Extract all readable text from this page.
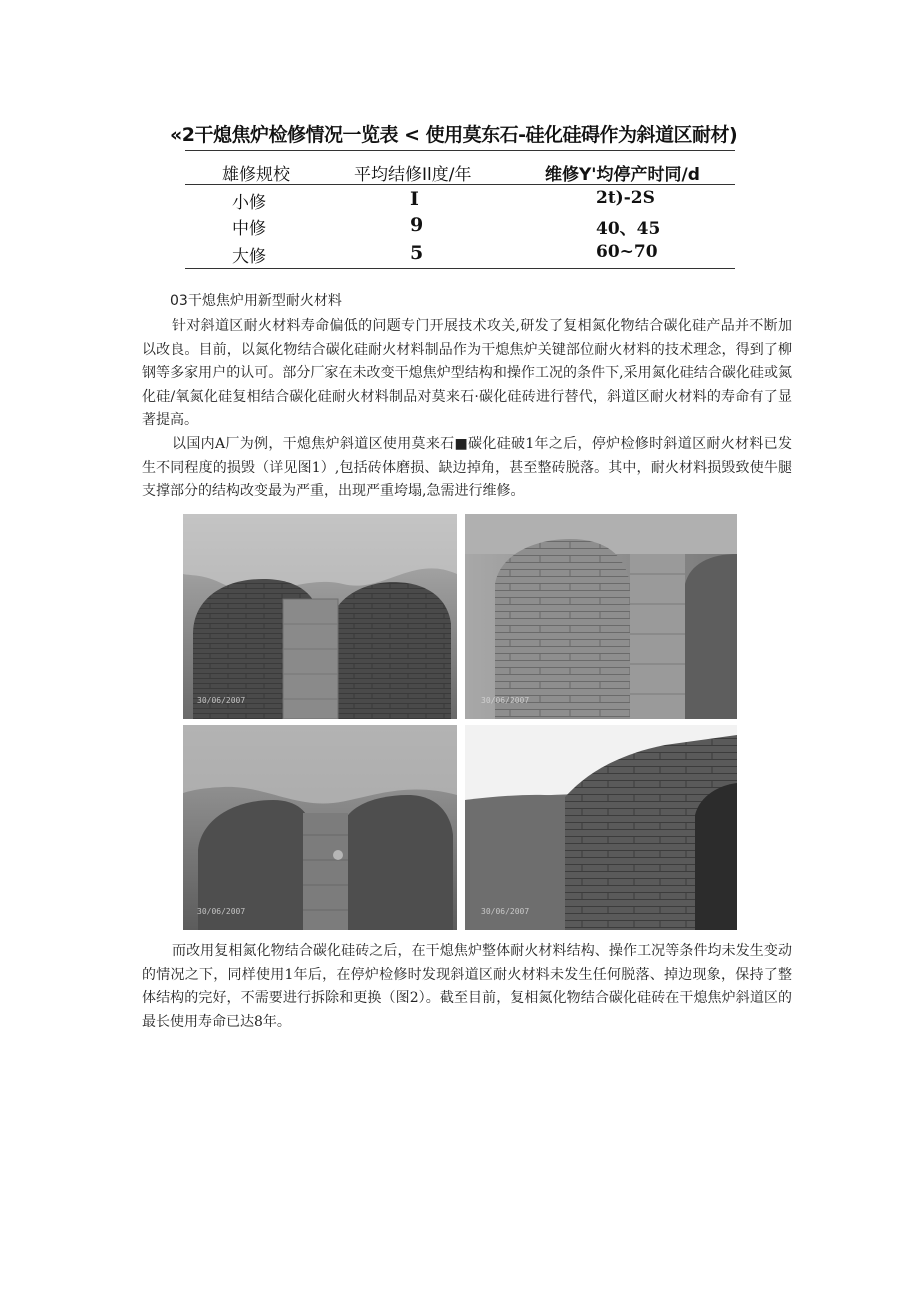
«2干熄焦炉检修情况一览表 < 使用莫东石-硅化硅碍作为斜道区耐材)
雄修规校	平均结修Il度/年	维修Y'均停产时同/d
小修	I	2t)-2S
中修	9	40、45
大修	5	60~70
03干熄焦炉用新型耐火材料

针对斜道区耐火材料寿命偏低的问题专门开展技术攻关,研发了复相氮化物结合碳化硅产品并不断加以改良。目前，以氮化物结合碳化硅耐火材料制品作为干熄焦炉关键部位耐火材料的技术理念，得到了柳钢等多家用户的认可。部分厂家在未改变干熄焦炉型结构和操作工况的条件下,采用氮化硅结合碳化硅或氮化硅/氧氮化硅复相结合碳化硅耐火材料制品对莫来石·碳化硅砖进行替代，斜道区耐火材料的寿命有了显著提高。

以国内A厂为例，干熄焦炉斜道区使用莫来石■碳化硅破1年之后，停炉检修时斜道区耐火材料已发生不同程度的损毁（详见图1）,包括砖体磨损、缺边掉角，甚至整砖脱落。其中，耐火材料损毁致使牛腿支撑部分的结构改变最为严重，出现严重垮塌,急需进行维修。

30/06/2007	30/06/2007
30/06/2007	30/06/2007

而改用复相氮化物结合碳化硅砖之后，在干熄焦炉整体耐火材料结构、操作工况等条件均未发生变动的情况之下，同样使用1年后，在停炉检修时发现斜道区耐火材料未发生任何脱落、掉边现象，保持了整体结构的完好，不需要进行拆除和更换（图2）。截至目前，复相氮化物结合碳化硅砖在干熄焦炉斜道区的最长使用寿命已达8年。
